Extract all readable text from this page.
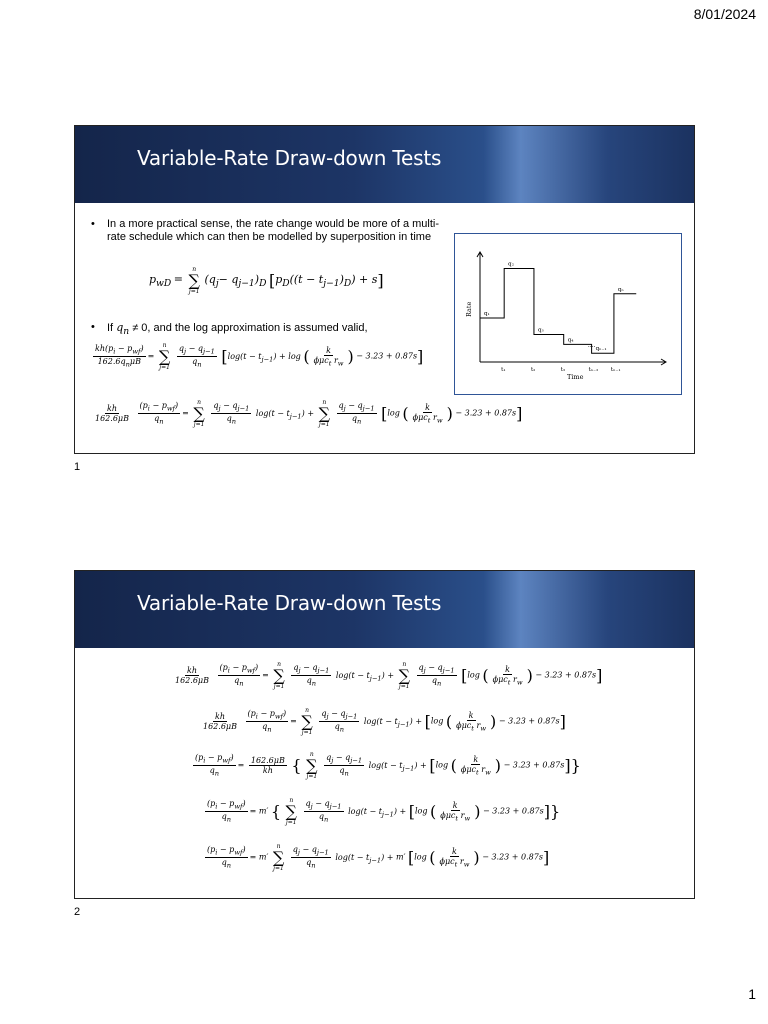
8/01/2024
Variable-Rate Draw-down Tests
•	In a more practical sense, the rate change would be more of a multi-rate schedule which can then be modelled by superposition in time
$p_{wD}$ =
n
∑
j=1
$(q_j- q_{j-1})_D$ $[p_D((t - t_{j-1})_D) + s]$
•	If $q_n \ne 0$, and the log approximation is assumed valid,
$\frac{kh(p_i - p_{wf})}{162.6q_n\mu B}$ =
n
∑
j=1
$\frac{q_j - q_{j-1}}{q_n} [\log(t - t_{j-1}) + \log$ ( $\frac{k}{\phi\mu c_t r_w}$ ) − 3.23 + 0.87s]
$\frac{kh}{162.6\mu B}$
$\frac{(p_i - p_{wf})}{q_n}$ =
n
∑
j=1
$\frac{q_j - q_{j-1}}{q_n} \log(t - t_{j-1})$ +
n
∑
j=1
$\frac{q_j - q_{j-1}}{q_n} [\log$ ( $\frac{k}{\phi\mu c_t r_w}$ ) − 3.23 + 0.87s]
q₁
q₂
q₃
q₄
qₙ₋₁
qₙ
····
t₁	t₂	t₃	tₙ₋₂ tₙ₋₁
Time
Rate
1
Variable-Rate Draw-down Tests
$\frac{kh}{162.6\mu B}$
$\frac{(p_i - p_{wf})}{q_n}$ =
n
∑
j=1
$\frac{q_j - q_{j-1}}{q_n} \log(t - t_{j-1})$ +
n
∑
j=1
$\frac{q_j - q_{j-1}}{q_n} [\log$ ( $\frac{k}{\phi\mu c_t r_w}$ ) − 3.23 + 0.87s]
$\frac{kh}{162.6\mu B}$
$\frac{(p_i - p_{wf})}{q_n}$ =
n
∑
j=1
$\frac{q_j - q_{j-1}}{q_n} \log(t - t_{j-1}) + [\log$ ( $\frac{k}{\phi\mu c_t r_w}$ ) − 3.23 + 0.87s]
$\frac{(p_i - p_{wf})}{q_n} = \frac{162.6\mu B}{kh}$ {
n
∑
j=1
$\frac{q_j - q_{j-1}}{q_n} \log(t - t_{j-1}) + [\log$ ( $\frac{k}{\phi\mu c_t r_w}$ ) − 3.23 + 0.87s]}
$\frac{(p_i - p_{wf})}{q_n} = m'$ {
n
∑
j=1
$\frac{q_j - q_{j-1}}{q_n} \log(t - t_{j-1}) + [\log$ ( $\frac{k}{\phi\mu c_t r_w}$ ) − 3.23 + 0.87s]}
$\frac{(p_i - p_{wf})}{q_n} = m'$
n
∑
j=1
$\frac{q_j - q_{j-1}}{q_n} \log(t - t_{j-1}) + m'$ [log ( $\frac{k}{\phi\mu c_t r_w}$ ) − 3.23 + 0.87s]
2
1
